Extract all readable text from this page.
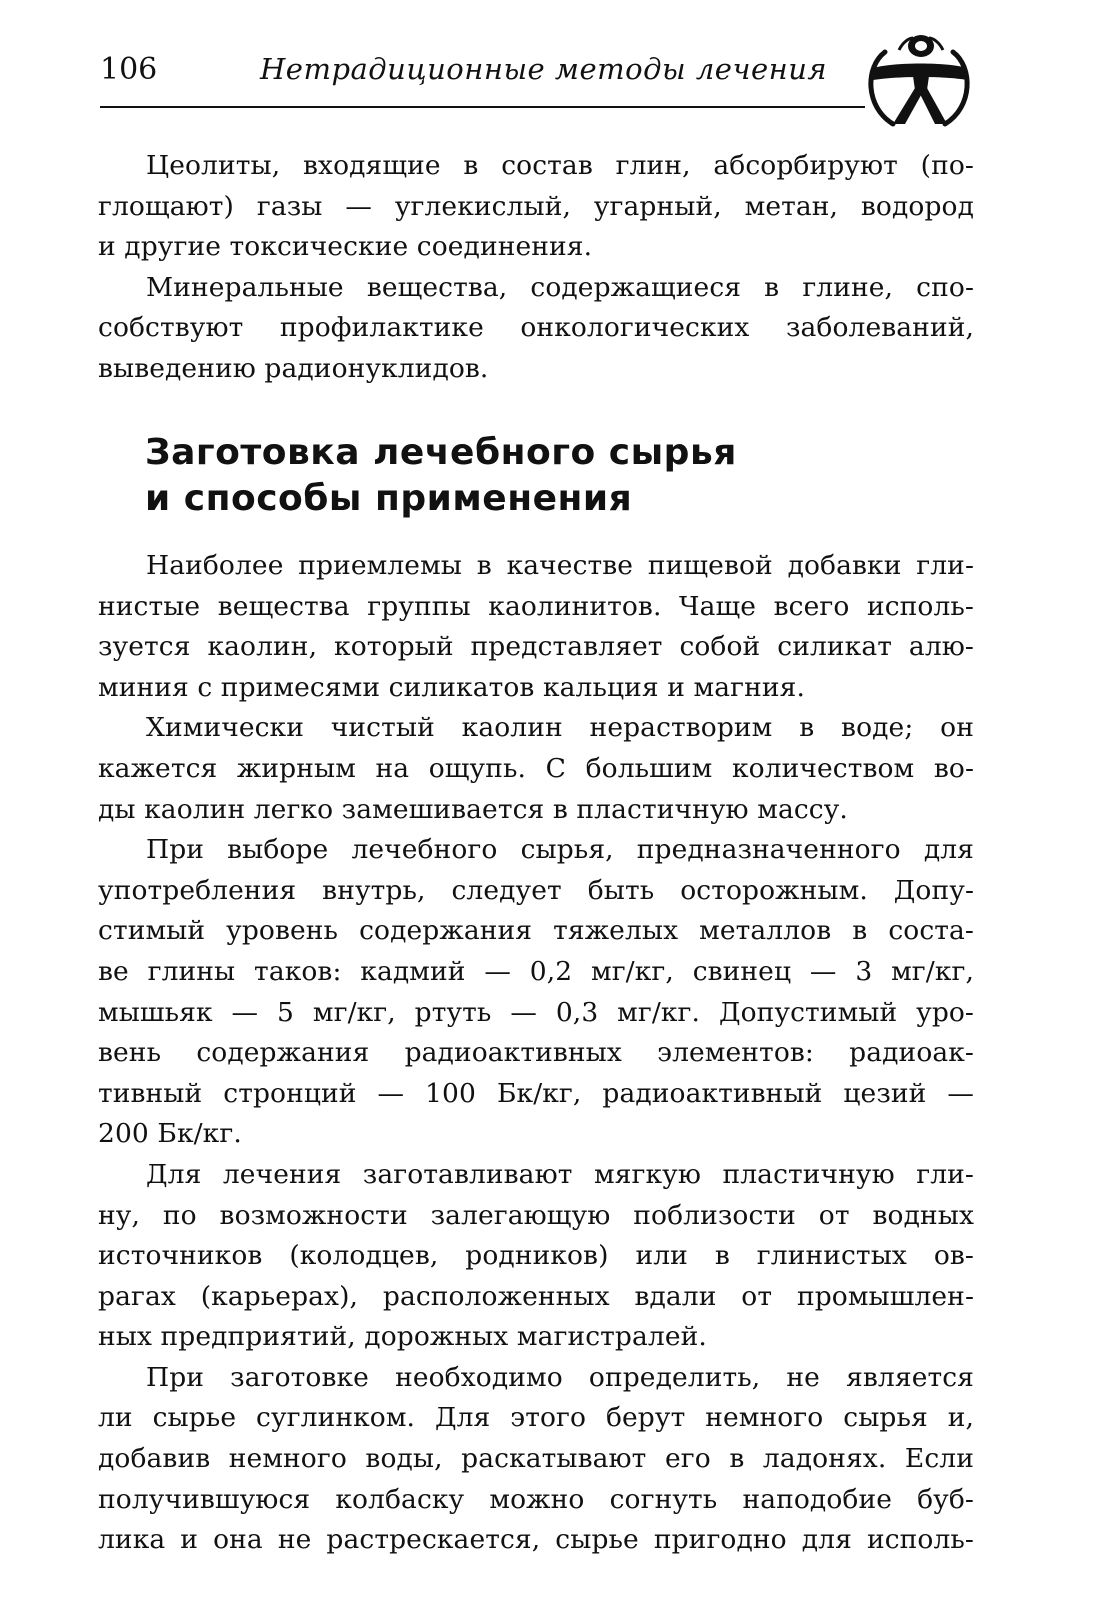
106	Нетрадиционные методы лечения
Цеолиты, входящие в состав глин, абсорбируют (по-
глощают) газы — углекислый, угарный, метан, водород
и другие токсические соединения.
Минеральные вещества, содержащиеся в глине, спо-
собствуют профилактике онкологических заболеваний,
выведению радионуклидов.
Заготовка лечебного сырья
и способы применения
Наиболее приемлемы в качестве пищевой добавки гли-
нистые вещества группы каолинитов. Чаще всего исполь-
зуется каолин, который представляет собой силикат алю-
миния с примесями силикатов кальция и магния.
Химически чистый каолин нерастворим в воде; он
кажется жирным на ощупь. С большим количеством во-
ды каолин легко замешивается в пластичную массу.
При выборе лечебного сырья, предназначенного для
употребления внутрь, следует быть осторожным. Допу-
стимый уровень содержания тяжелых металлов в соста-
ве глины таков: кадмий — 0,2 мг/кг, свинец — 3 мг/кг,
мышьяк — 5 мг/кг, ртуть — 0,3 мг/кг. Допустимый уро-
вень содержания радиоактивных элементов: радиоак-
тивный стронций — 100 Бк/кг, радиоактивный цезий —
200 Бк/кг.
Для лечения заготавливают мягкую пластичную гли-
ну, по возможности залегающую поблизости от водных
источников (колодцев, родников) или в глинистых ов-
рагах (карьерах), расположенных вдали от промышлен-
ных предприятий, дорожных магистралей.
При заготовке необходимо определить, не является
ли сырье суглинком. Для этого берут немного сырья и,
добавив немного воды, раскатывают его в ладонях. Если
получившуюся колбаску можно согнуть наподобие буб-
лика и она не растрескается, сырье пригодно для исполь-
